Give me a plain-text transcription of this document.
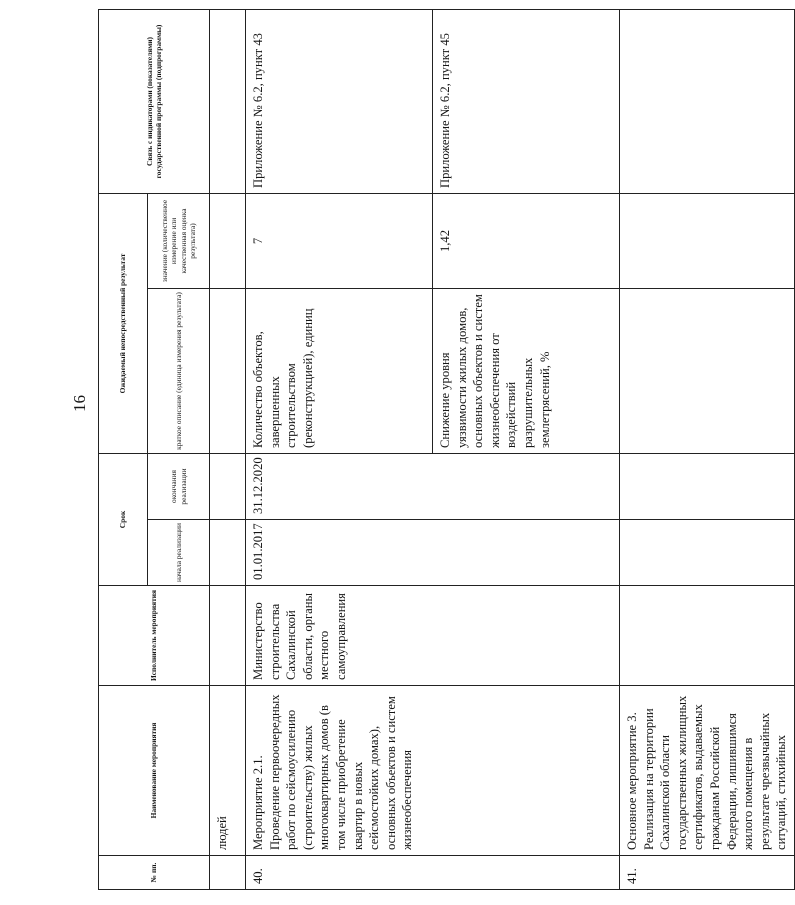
16
№ пп.	Наименование мероприятия	Исполнитель мероприятия	Срок		Ожидаемый непосредственный результат		Связь с индикаторами (показателями) государственной программы (подпрограммы)
			начала реализации	окончания реализации	краткое описание (единица измерения результата)	значение (количественное измерение или качественная оценка результата)	
	людей						
40.	Мероприятие 2.1. Проведение первоочередных работ по сейсмоусилению (строительству) жилых многоквартирных домов (в том числе приобретение квартир в новых сейсмостойких домах), основных объектов и систем жизнеобеспечения	Министерство строительства Сахалинской области, органы местного самоуправления	01.01.2017	31.12.2020	Количество объектов, завершенных строительством (реконструкцией), единиц	7	Приложение № 6.2, пункт 43
					Снижение уровня уязвимости жилых домов, основных объектов и систем жизнеобеспечения от воздействий разрушительных землетрясений, %	1,42	Приложение № 6.2, пункт 45
41.	Основное мероприятие 3. Реализация на территории Сахалинской области государственных жилищных сертификатов, выдаваемых гражданам Российской Федерации, лишившимся жилого помещения в результате чрезвычайных ситуаций, стихийных						
